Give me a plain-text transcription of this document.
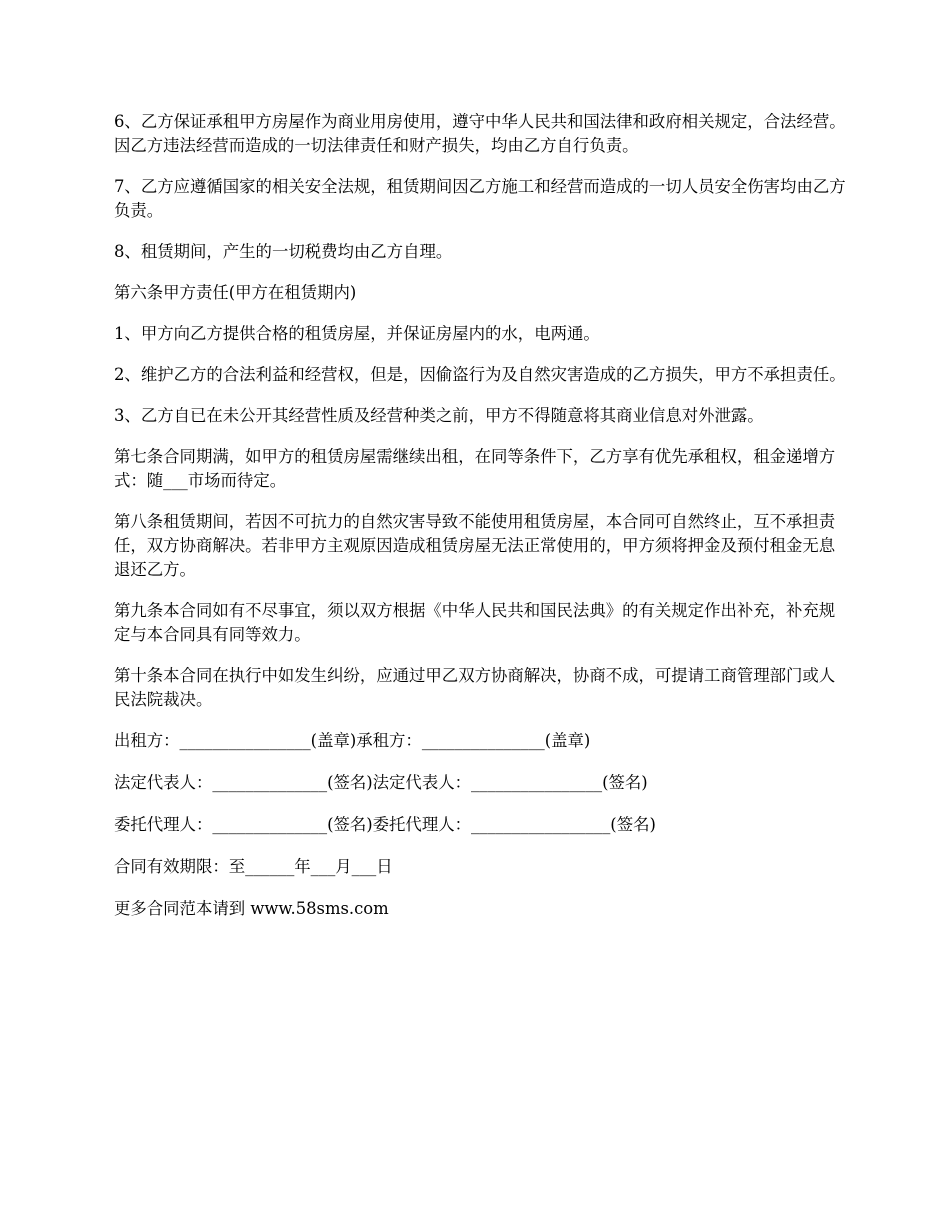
6、乙方保证承租甲方房屋作为商业用房使用，遵守中华人民共和国法律和政府相关规定，合法经营。因乙方违法经营而造成的一切法律责任和财产损失，均由乙方自行负责。

7、乙方应遵循国家的相关安全法规，租赁期间因乙方施工和经营而造成的一切人员安全伤害均由乙方负责。

8、租赁期间，产生的一切税费均由乙方自理。

第六条甲方责任(甲方在租赁期内)

1、甲方向乙方提供合格的租赁房屋，并保证房屋内的水，电两通。

2、维护乙方的合法利益和经营权，但是，因偷盗行为及自然灾害造成的乙方损失，甲方不承担责任。

3、乙方自已在未公开其经营性质及经营种类之前，甲方不得随意将其商业信息对外泄露。

第七条合同期满，如甲方的租赁房屋需继续出租，在同等条件下，乙方享有优先承租权，租金递增方式：随___市场而待定。

第八条租赁期间，若因不可抗力的自然灾害导致不能使用租赁房屋，本合同可自然终止，互不承担责任，双方协商解决。若非甲方主观原因造成租赁房屋无法正常使用的，甲方须将押金及预付租金无息退还乙方。

第九条本合同如有不尽事宜，须以双方根据《中华人民共和国民法典》的有关规定作出补充，补充规定与本合同具有同等效力。

第十条本合同在执行中如发生纠纷，应通过甲乙双方协商解决，协商不成，可提请工商管理部门或人民法院裁决。

出租方：________________(盖章)承租方：_______________(盖章)

法定代表人：______________(签名)法定代表人：________________(签名)

委托代理人：______________(签名)委托代理人：_________________(签名)

合同有效期限：至______年___月___日

更多合同范本请到 www.58sms.com
